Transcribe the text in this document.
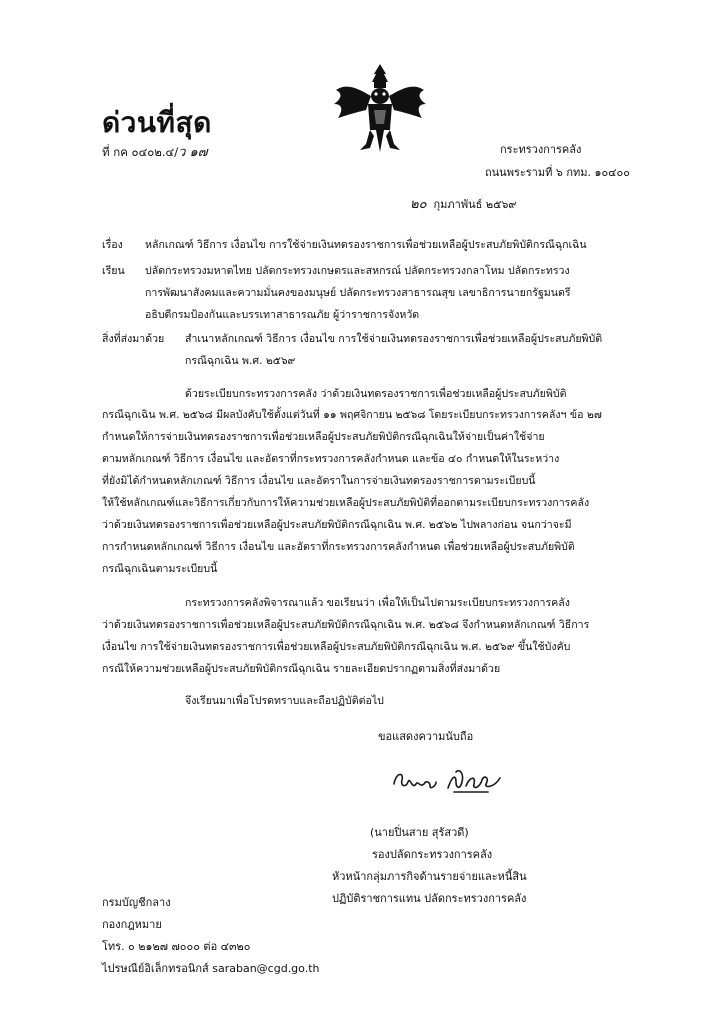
ด่วนที่สุด
ที่ กค ๐๔๐๒.๔/ว ๑๗	กระทรวงการคลัง
ถนนพระรามที่ ๖ กทม. ๑๐๔๐๐
๒๐ กุมภาพันธ์ ๒๕๖๙
เรื่อง หลักเกณฑ์ วิธีการ เงื่อนไข การใช้จ่ายเงินทดรองราชการเพื่อช่วยเหลือผู้ประสบภัยพิบัติกรณีฉุกเฉิน
เรียน ปลัดกระทรวงมหาดไทย ปลัดกระทรวงเกษตรและสหกรณ์ ปลัดกระทรวงกลาโหม ปลัดกระทรวง
การพัฒนาสังคมและความมั่นคงของมนุษย์ ปลัดกระทรวงสาธารณสุข เลขาธิการนายกรัฐมนตรี
อธิบดีกรมป้องกันและบรรเทาสาธารณภัย ผู้ว่าราชการจังหวัด
สิ่งที่ส่งมาด้วย สำเนาหลักเกณฑ์ วิธีการ เงื่อนไข การใช้จ่ายเงินทดรองราชการเพื่อช่วยเหลือผู้ประสบภัยพิบัติ
กรณีฉุกเฉิน พ.ศ. ๒๕๖๙
ด้วยระเบียบกระทรวงการคลัง ว่าด้วยเงินทดรองราชการเพื่อช่วยเหลือผู้ประสบภัยพิบัติ
กรณีฉุกเฉิน พ.ศ. ๒๕๖๘ มีผลบังคับใช้ตั้งแต่วันที่ ๑๑ พฤศจิกายน ๒๕๖๘ โดยระเบียบกระทรวงการคลังฯ ข้อ ๒๗
กำหนดให้การจ่ายเงินทดรองราชการเพื่อช่วยเหลือผู้ประสบภัยพิบัติกรณีฉุกเฉินให้จ่ายเป็นค่าใช้จ่าย
ตามหลักเกณฑ์ วิธีการ เงื่อนไข และอัตราที่กระทรวงการคลังกำหนด และข้อ ๔๐ กำหนดให้ในระหว่าง
ที่ยังมิได้กำหนดหลักเกณฑ์ วิธีการ เงื่อนไข และอัตราในการจ่ายเงินทดรองราชการตามระเบียบนี้
ให้ใช้หลักเกณฑ์และวิธีการเกี่ยวกับการให้ความช่วยเหลือผู้ประสบภัยพิบัติที่ออกตามระเบียบกระทรวงการคลัง
ว่าด้วยเงินทดรองราชการเพื่อช่วยเหลือผู้ประสบภัยพิบัติกรณีฉุกเฉิน พ.ศ. ๒๕๖๒ ไปพลางก่อน จนกว่าจะมี
การกำหนดหลักเกณฑ์ วิธีการ เงื่อนไข และอัตราที่กระทรวงการคลังกำหนด เพื่อช่วยเหลือผู้ประสบภัยพิบัติ
กรณีฉุกเฉินตามระเบียบนี้
กระทรวงการคลังพิจารณาแล้ว ขอเรียนว่า เพื่อให้เป็นไปตามระเบียบกระทรวงการคลัง
ว่าด้วยเงินทดรองราชการเพื่อช่วยเหลือผู้ประสบภัยพิบัติกรณีฉุกเฉิน พ.ศ. ๒๕๖๘ จึงกำหนดหลักเกณฑ์ วิธีการ
เงื่อนไข การใช้จ่ายเงินทดรองราชการเพื่อช่วยเหลือผู้ประสบภัยพิบัติกรณีฉุกเฉิน พ.ศ. ๒๕๖๙ ขึ้นใช้บังคับ
กรณีให้ความช่วยเหลือผู้ประสบภัยพิบัติกรณีฉุกเฉิน รายละเอียดปรากฏตามสิ่งที่ส่งมาด้วย
จึงเรียนมาเพื่อโปรดทราบและถือปฏิบัติต่อไป
ขอแสดงความนับถือ
(นายปิ่นสาย สุรัสวดี)
รองปลัดกระทรวงการคลัง
หัวหน้ากลุ่มภารกิจด้านรายจ่ายและหนี้สิน
ปฏิบัติราชการแทน ปลัดกระทรวงการคลัง
กรมบัญชีกลาง
กองกฎหมาย
โทร. ๐ ๒๑๒๗ ๗๐๐๐ ต่อ ๔๓๒๐
ไปรษณีย์อิเล็กทรอนิกส์ saraban@cgd.go.th
